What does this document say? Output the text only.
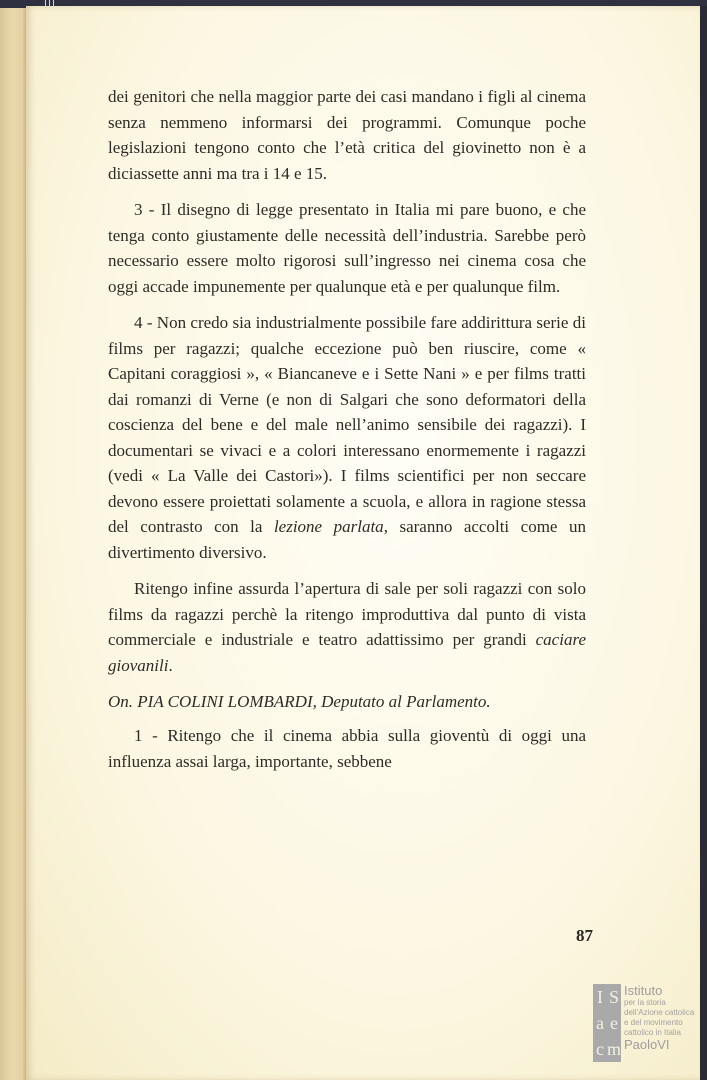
dei genitori che nella maggior parte dei casi mandano i figli al cinema senza nemmeno informarsi dei programmi. Comunque poche legislazioni tengono conto che l’età critica del giovinetto non è a diciassette anni ma tra i 14 e 15.

3 - Il disegno di legge presentato in Italia mi pare buono, e che tenga conto giustamente delle necessità dell’industria. Sarebbe però necessario essere molto rigorosi sull’ingresso nei cinema cosa che oggi accade impunemente per qualunque età e per qualunque film.

4 - Non credo sia industrialmente possibile fare addirittura serie di films per ragazzi; qualche eccezione può ben riuscire, come « Capitani coraggiosi », « Biancaneve e i Sette Nani » e per films tratti dai romanzi di Verne (e non di Salgari che sono deformatori della coscienza del bene e del male nell’animo sensibile dei ragazzi). I documentari se vivaci e a colori interessano enormemente i ragazzi (vedi « La Valle dei Castori»). I films scientifici per non seccare devono essere proiettati solamente a scuola, e allora in ragione stessa del contrasto con la lezione parlata, saranno accolti come un divertimento diversivo.

Ritengo infine assurda l’apertura di sale per soli ragazzi con solo films da ragazzi perchè la ritengo improduttiva dal punto di vista commerciale e industriale e teatro adattissimo per grandi caciare giovanili.

On. PIA COLINI LOMBARDI, Deputato al Parlamento.

1 - Ritengo che il cinema abbia sulla gioventù di oggi una influenza assai larga, importante, sebbene

87
I S
a e
c m
Istituto
per la storia
dell’Azione cattolica
e del movimento
cattolico in Italia
PaoloVI
